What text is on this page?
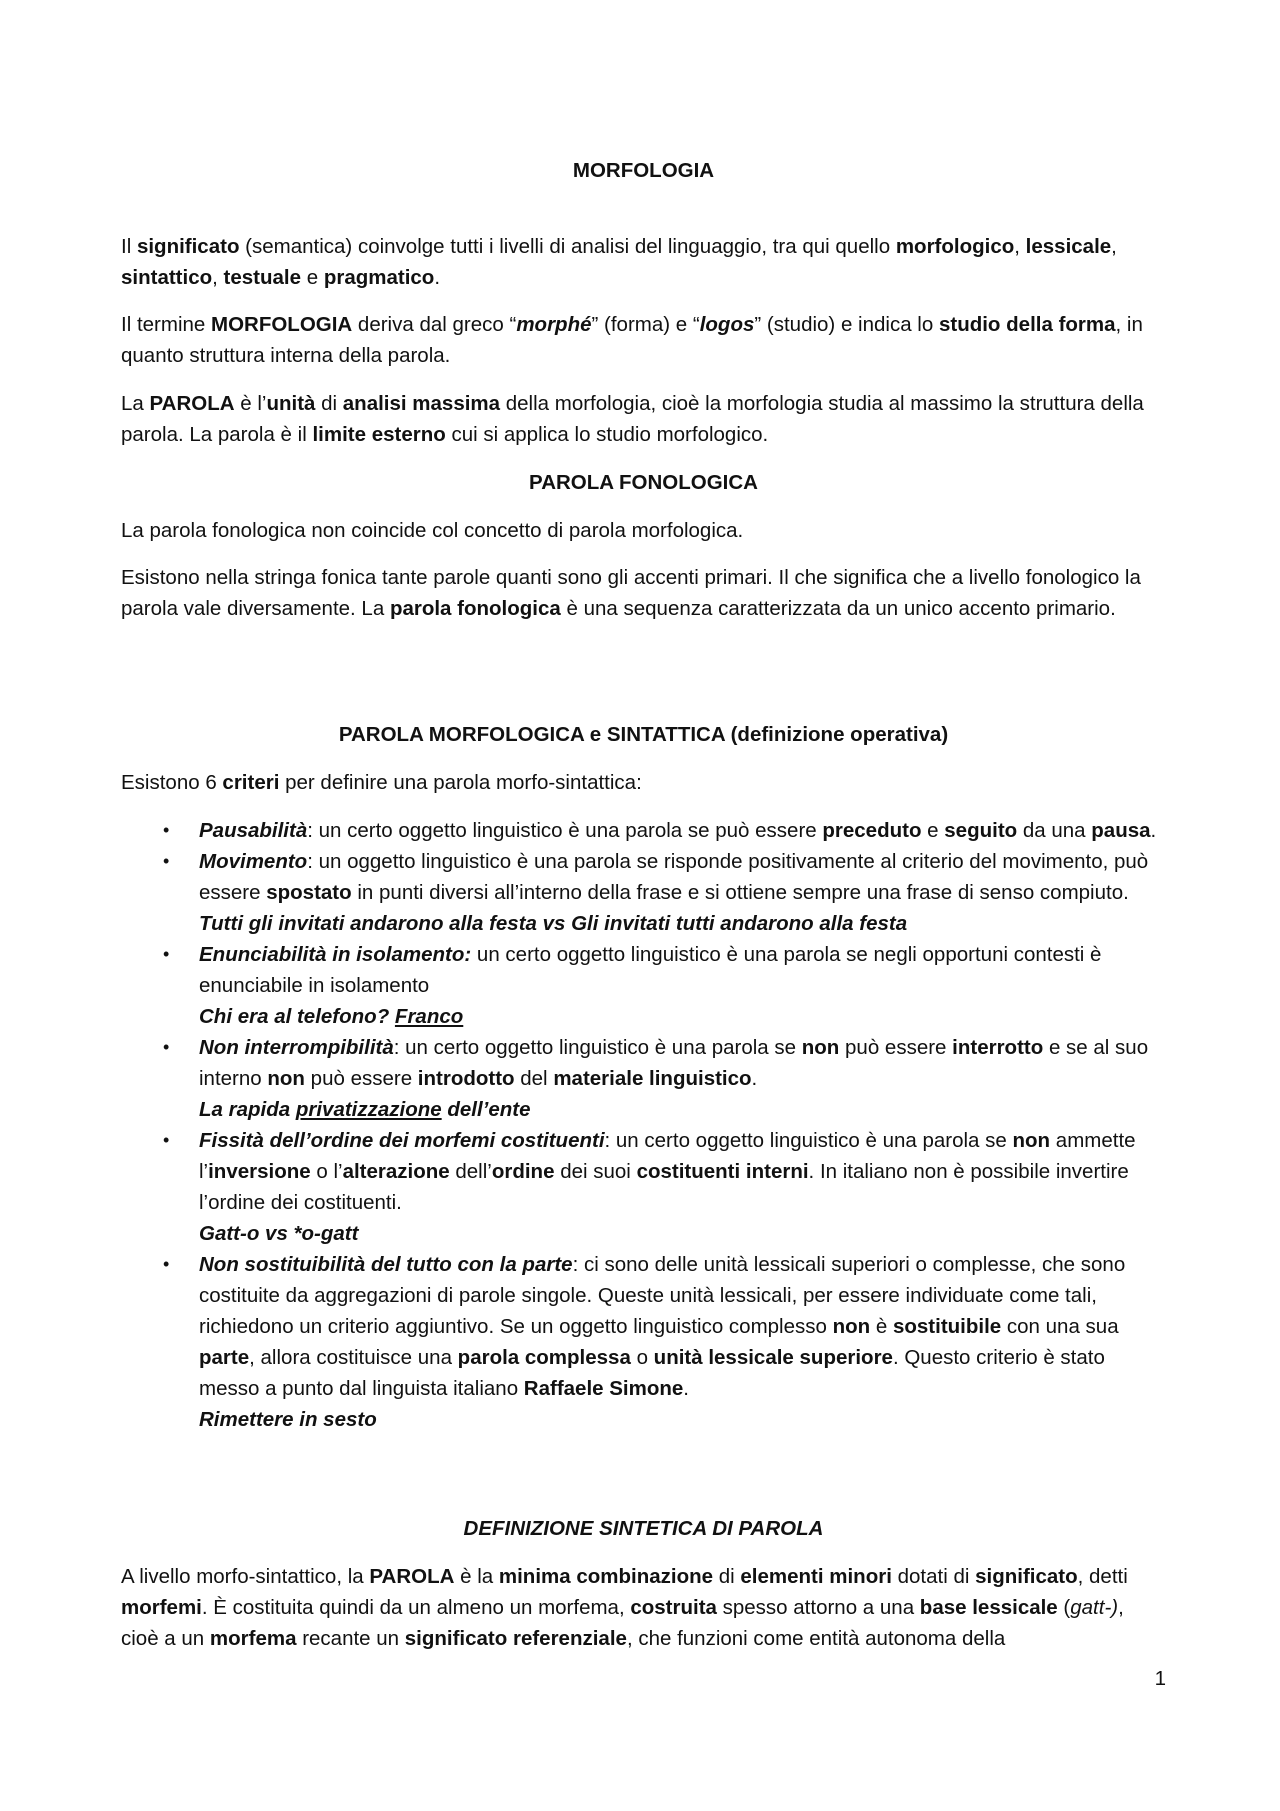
MORFOLOGIA

Il significato (semantica) coinvolge tutti i livelli di analisi del linguaggio, tra qui quello morfologico, lessicale, sintattico, testuale e pragmatico.

Il termine MORFOLOGIA deriva dal greco “morphé” (forma) e “logos” (studio) e indica lo studio della forma, in quanto struttura interna della parola.

La PAROLA è l’unità di analisi massima della morfologia, cioè la morfologia studia al massimo la struttura della parola. La parola è il limite esterno cui si applica lo studio morfologico.

PAROLA FONOLOGICA

La parola fonologica non coincide col concetto di parola morfologica.

Esistono nella stringa fonica tante parole quanti sono gli accenti primari. Il che significa che a livello fonologico la parola vale diversamente. La parola fonologica è una sequenza caratterizzata da un unico accento primario.

PAROLA MORFOLOGICA e SINTATTICA (definizione operativa)

Esistono 6 criteri per definire una parola morfo-sintattica:

• Pausabilità: un certo oggetto linguistico è una parola se può essere preceduto e seguito da una pausa.
• Movimento: un oggetto linguistico è una parola se risponde positivamente al criterio del movimento, può essere spostato in punti diversi all’interno della frase e si ottiene sempre una frase di senso compiuto.
Tutti gli invitati andarono alla festa vs Gli invitati tutti andarono alla festa
• Enunciabilità in isolamento: un certo oggetto linguistico è una parola se negli opportuni contesti è enunciabile in isolamento
Chi era al telefono? Franco
• Non interrompibilità: un certo oggetto linguistico è una parola se non può essere interrotto e se al suo interno non può essere introdotto del materiale linguistico.
La rapida privatizzazione dell’ente
• Fissità dell’ordine dei morfemi costituenti: un certo oggetto linguistico è una parola se non ammette l’inversione o l’alterazione dell’ordine dei suoi costituenti interni. In italiano non è possibile invertire l’ordine dei costituenti.
Gatt-o vs *o-gatt
• Non sostituibilità del tutto con la parte: ci sono delle unità lessicali superiori o complesse, che sono costituite da aggregazioni di parole singole. Queste unità lessicali, per essere individuate come tali, richiedono un criterio aggiuntivo. Se un oggetto linguistico complesso non è sostituibile con una sua parte, allora costituisce una parola complessa o unità lessicale superiore. Questo criterio è stato messo a punto dal linguista italiano Raffaele Simone.
Rimettere in sesto

DEFINIZIONE SINTETICA DI PAROLA

A livello morfo-sintattico, la PAROLA è la minima combinazione di elementi minori dotati di significato, detti morfemi. È costituita quindi da un almeno un morfema, costruita spesso attorno a una base lessicale (gatt-), cioè a un morfema recante un significato referenziale, che funzioni come entità autonoma della

1
